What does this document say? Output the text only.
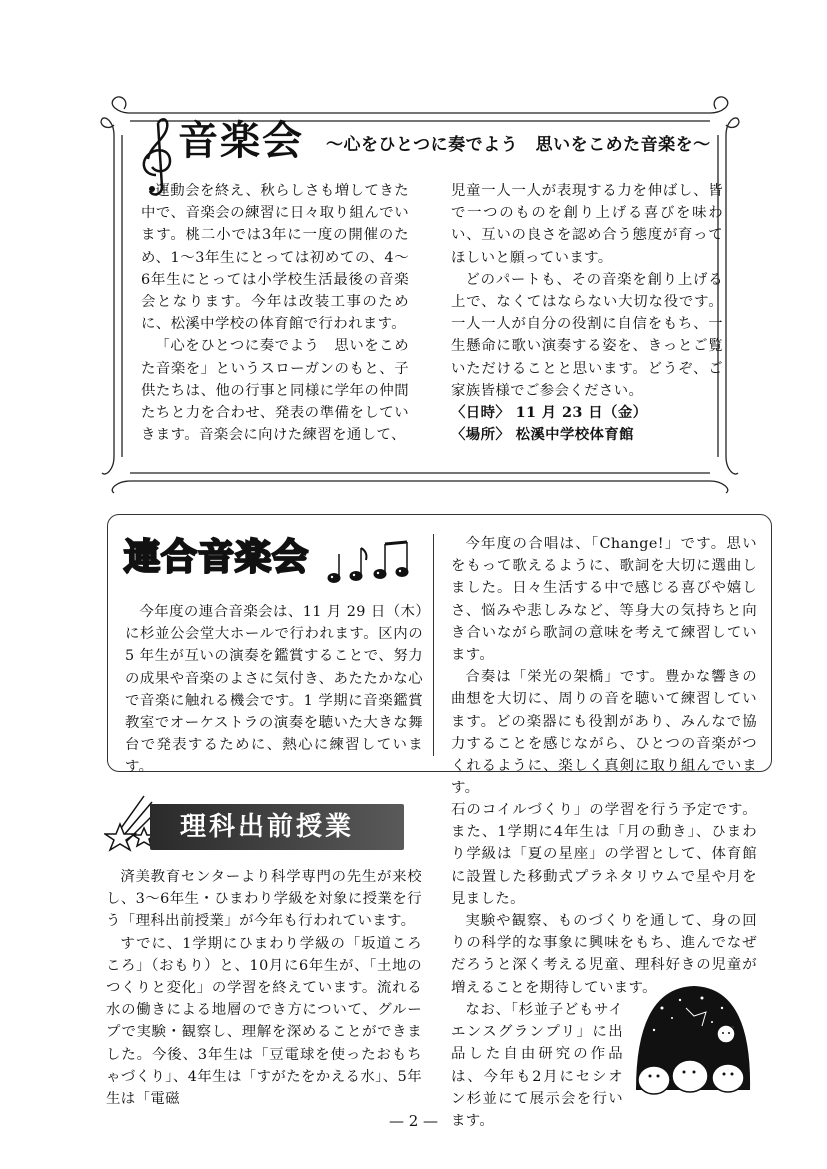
音楽会 ～心をひとつに奏でよう　思いをこめた音楽を～

運動会を終え、秋らしさも増してきた中で、音楽会の練習に日々取り組んでいます。桃二小では3年に一度の開催のため、1～3年生にとっては初めての、4～6年生にとっては小学校生活最後の音楽会となります。今年は改装工事のために、松溪中学校の体育館で行われます。

「心をひとつに奏でよう　思いをこめた音楽を」というスローガンのもと、子供たちは、他の行事と同様に学年の仲間たちと力を合わせ、発表の準備をしていきます。音楽会に向けた練習を通して、

児童一人一人が表現する力を伸ばし、皆で一つのものを創り上げる喜びを味わい、互いの良さを認め合う態度が育ってほしいと願っています。

どのパートも、その音楽を創り上げる上で、なくてはならない大切な役です。一人一人が自分の役割に自信をもち、一生懸命に歌い演奏する姿を、きっとご覧いただけることと思います。どうぞ、ご家族皆様でご参会ください。

〈日時〉 11 月 23 日（金）

〈場所〉 松溪中学校体育館

連合音楽会

今年度の連合音楽会は、11 月 29 日（木）に杉並公会堂大ホールで行われます。区内の 5 年生が互いの演奏を鑑賞することで、努力の成果や音楽のよさに気付き、あたたかな心で音楽に触れる機会です。1 学期に音楽鑑賞教室でオーケストラの演奏を聴いた大きな舞台で発表するために、熱心に練習しています。

今年度の合唱は、「Change!」です。思いをもって歌えるように、歌詞を大切に選曲しました。日々生活する中で感じる喜びや嬉しさ、悩みや悲しみなど、等身大の気持ちと向き合いながら歌詞の意味を考えて練習しています。

合奏は「栄光の架橋」です。豊かな響きの曲想を大切に、周りの音を聴いて練習しています。どの楽器にも役割があり、みんなで協力することを感じながら、ひとつの音楽がつくれるように、楽しく真剣に取り組んでいます。

理科出前授業

済美教育センターより科学専門の先生が来校し、3～6年生・ひまわり学級を対象に授業を行う「理科出前授業」が今年も行われています。

すでに、1学期にひまわり学級の「坂道ころころ」（おもり）と、10月に6年生が、「土地のつくりと変化」の学習を終えています。流れる水の働きによる地層のでき方について、グループで実験・観察し、理解を深めることができました。今後、3年生は「豆電球を使ったおもちゃづくり」、4年生は「すがたをかえる水」、5年生は「電磁

石のコイルづくり」の学習を行う予定です。また、1学期に4年生は「月の動き」、ひまわり学級は「夏の星座」の学習として、体育館に設置した移動式プラネタリウムで星や月を見ました。

実験や観察、ものづくりを通して、身の回りの科学的な事象に興味をもち、進んでなぜだろうと深く考える児童、理科好きの児童が増えることを期待しています。

なお、「杉並子どもサイエンスグランプリ」に出品した自由研究の作品は、今年も2月にセシオン杉並にて展示会を行います。

— 2 —
